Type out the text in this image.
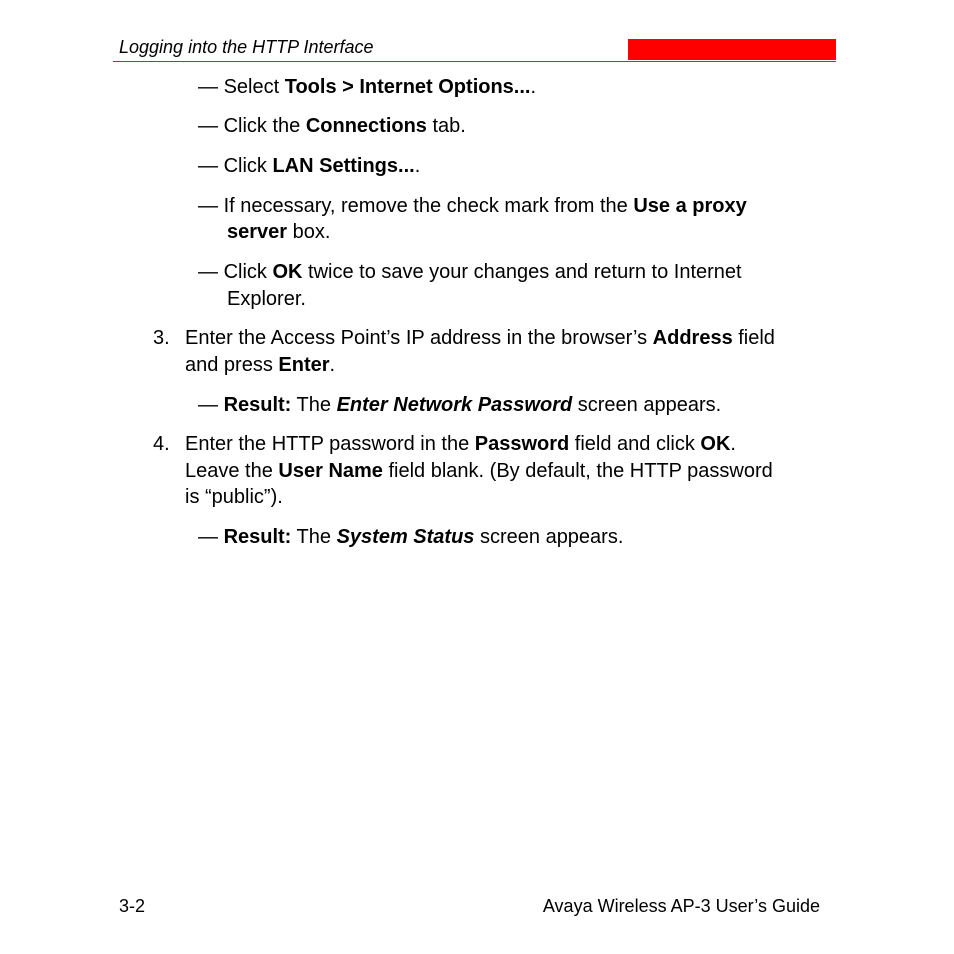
Logging into the HTTP Interface
— Select Tools > Internet Options....
— Click the Connections tab.
— Click LAN Settings....
— If necessary, remove the check mark from the Use a proxy
server box.
— Click OK twice to save your changes and return to Internet
Explorer.
3. Enter the Access Point’s IP address in the browser’s Address field
and press Enter.
— Result: The Enter Network Password screen appears.
4. Enter the HTTP password in the Password field and click OK.
Leave the User Name field blank. (By default, the HTTP password
is “public”).
— Result: The System Status screen appears.
3-2	Avaya Wireless AP-3 User’s Guide
